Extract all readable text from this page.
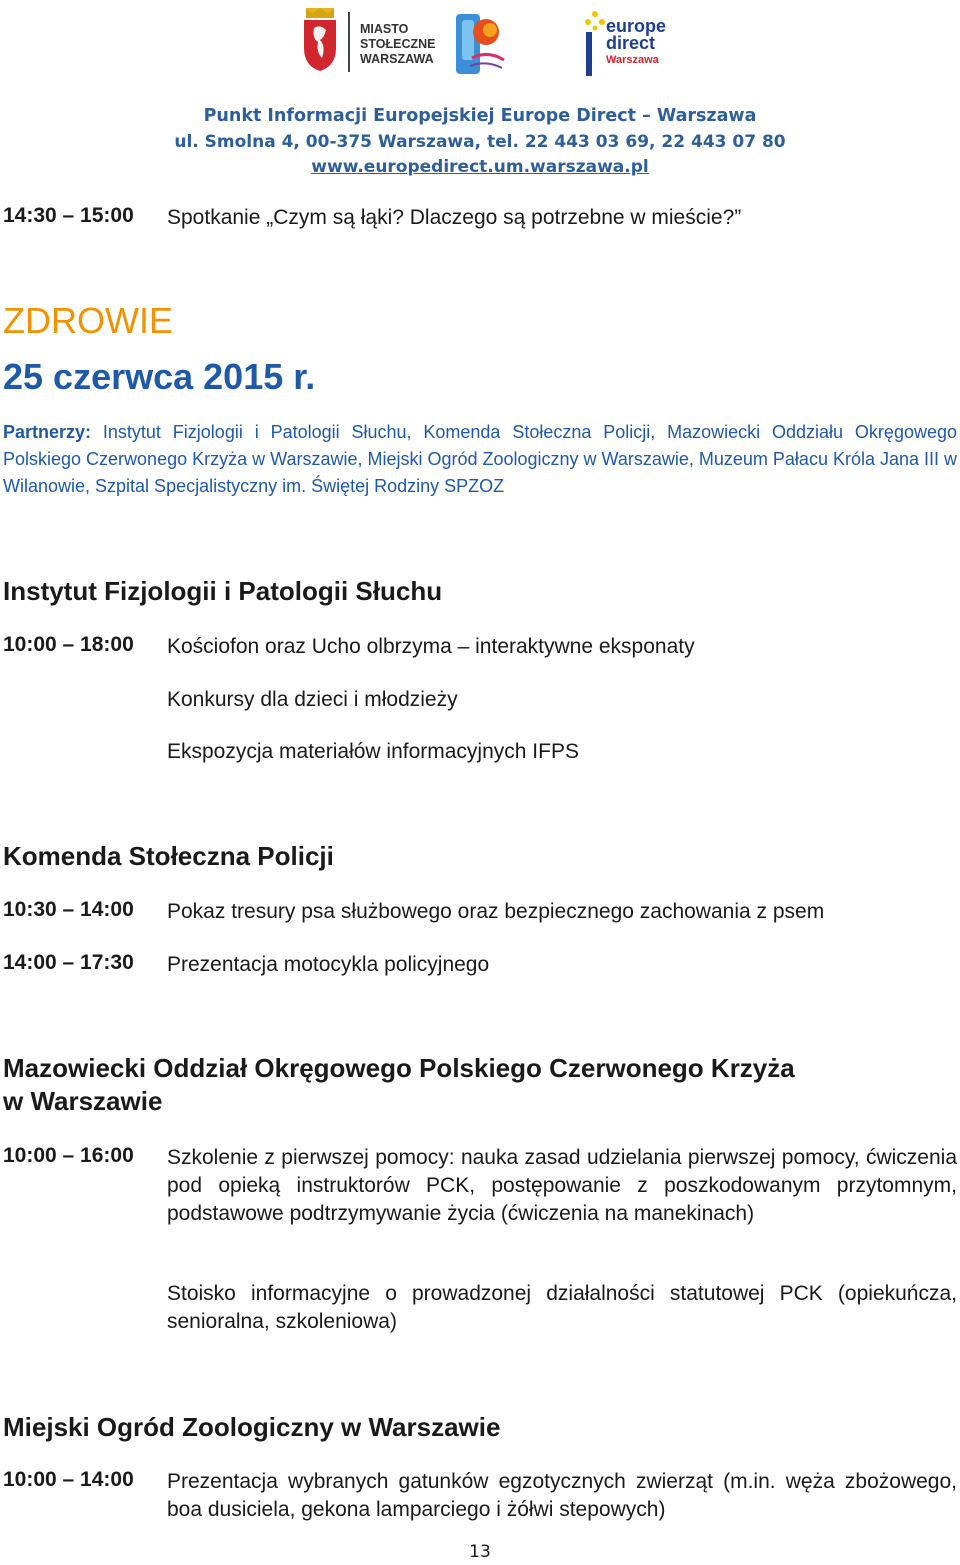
MIASTO
STOŁECZNE
WARSZAWA
europe
direct
Warszawa
Punkt Informacji Europejskiej Europe Direct – Warszawa
ul. Smolna 4, 00-375 Warszawa, tel. 22 443 03 69, 22 443 07 80
www.europedirect.um.warszawa.pl
14:30 – 15:00 Spotkanie „Czym są łąki? Dlaczego są potrzebne w mieście?”
ZDROWIE
25 czerwca 2015 r.
Partnerzy: Instytut Fizjologii i Patologii Słuchu, Komenda Stołeczna Policji, Mazowiecki Oddziału Okręgowego Polskiego Czerwonego Krzyża w Warszawie, Miejski Ogród Zoologiczny w Warszawie, Muzeum Pałacu Króla Jana III w Wilanowie, Szpital Specjalistyczny im. Świętej Rodziny SPZOZ
Instytut Fizjologii i Patologii Słuchu
10:00 – 18:00 Kościofon oraz Ucho olbrzyma – interaktywne eksponaty
Konkursy dla dzieci i młodzieży
Ekspozycja materiałów informacyjnych IFPS
Komenda Stołeczna Policji
10:30 – 14:00 Pokaz tresury psa służbowego oraz bezpiecznego zachowania z psem
14:00 – 17:30 Prezentacja motocykla policyjnego
Mazowiecki Oddział Okręgowego Polskiego Czerwonego Krzyża
w Warszawie
10:00 – 16:00 Szkolenie z pierwszej pomocy: nauka zasad udzielania pierwszej pomocy, ćwiczenia pod opieką instruktorów PCK, postępowanie z poszkodowanym przytomnym, podstawowe podtrzymywanie życia (ćwiczenia na manekinach)
Stoisko informacyjne o prowadzonej działalności statutowej PCK (opiekuńcza, senioralna, szkoleniowa)
Miejski Ogród Zoologiczny w Warszawie
10:00 – 14:00 Prezentacja wybranych gatunków egzotycznych zwierząt (m.in. węża zbożowego, boa dusiciela, gekona lamparciego i żółwi stepowych)
13
